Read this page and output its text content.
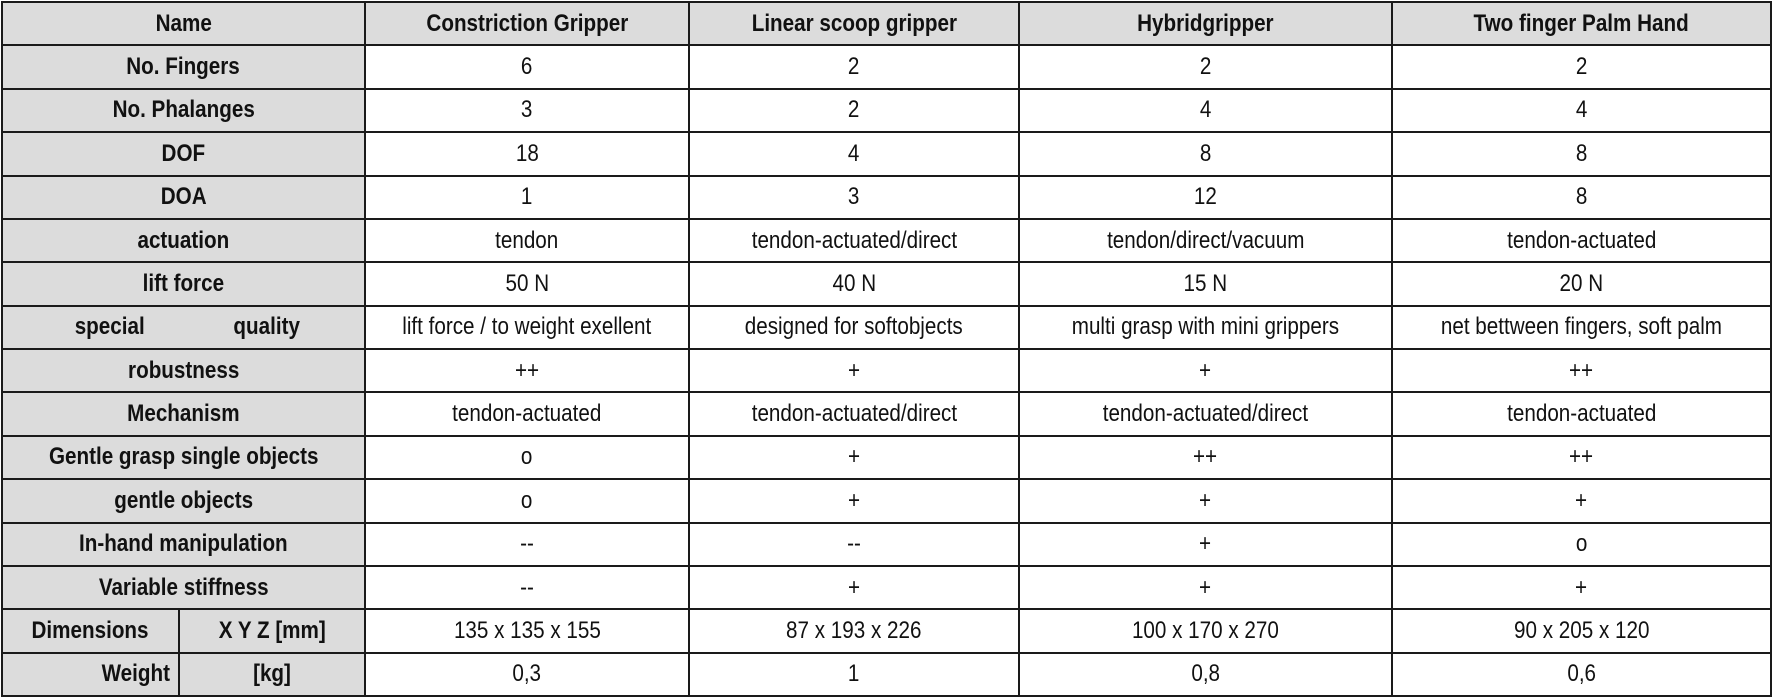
Name		Constriction Gripper	Linear scoop gripper	Hybridgripper	Two finger Palm Hand
No. Fingers		6	2	2	2
No. Phalanges		3	2	4	4
DOF		18	4	8	8
DOA		1	3	12	8
actuation		tendon	tendon-actuated/direct	tendon/direct/vacuum	tendon-actuated
lift force		50 N	40 N	15 N	20 N

special quality		lift force / to weight exellent	designed for softobjects	multi grasp with mini grippers	net bettween fingers, soft palm
robustness		++	+	+	++
Mechanism		tendon-actuated	tendon-actuated/direct	tendon-actuated/direct	tendon-actuated
Gentle grasp single objects		o	+	++	++
gentle objects		o	+	+	+
In-hand manipulation		--	--	+	o
Variable stiffness		--	+	+	+
Dimensions	X Y Z [mm]	135 x 135 x 155	87 x 193 x 226	100 x 170 x 270	90 x 205 x 120
Weight	[kg]	0,3	1	0,8	0,6
